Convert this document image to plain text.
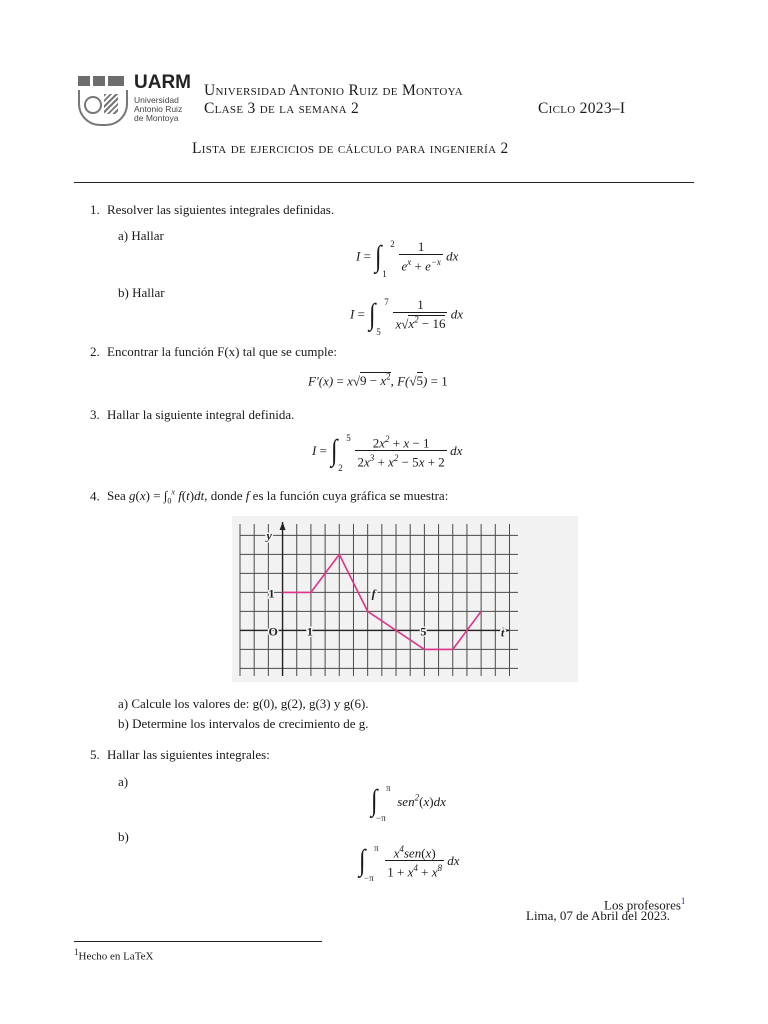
UARM
Universidad
Antonio Ruiz
de Montoya
Universidad Antonio Ruiz de Montoya
Clase 3 de la semana 2	Ciclo 2023–I
Lista de ejercicios de cálculo para ingeniería 2
1. Resolver las siguientes integrales definidas.
a) Hallar
I = ∫ 2
1

$\frac{1}{e^x + e^{-x}}$ dx
b) Hallar
I = ∫ 7
5

$\frac{1}{x√x^2 - 16}$ dx
2. Encontrar la función F(x) tal que se cumple:
$F'(x) = x√9 - x^2$, F(√5) = 1
3. Hallar la siguiente integral definida.
I = ∫ 5
2
$\frac{2x^2 + x - 1}{2x^3 + x^2 - 5x + 2}$ dx
4. Sea $g(x) = \int_0^x$ f(t)dt, donde f es la función cuya gráfica se muestra:
y
t
O 1	5
1	f
a) Calcule los valores de: g(0), g(2), g(3) y g(6).
b) Determine los intervalos de crecimiento de g.
5. Hallar las siguientes integrales:
a)
∫ π
−π
sen$^2$(x)dx
b)
∫ π
−π
$\frac{x^4sen(x)}{1 + x^4 + x^8}$ dx
Los profesores$^1$
Lima, 07 de Abril del 2023.
$^1$Hecho en LaTeX
